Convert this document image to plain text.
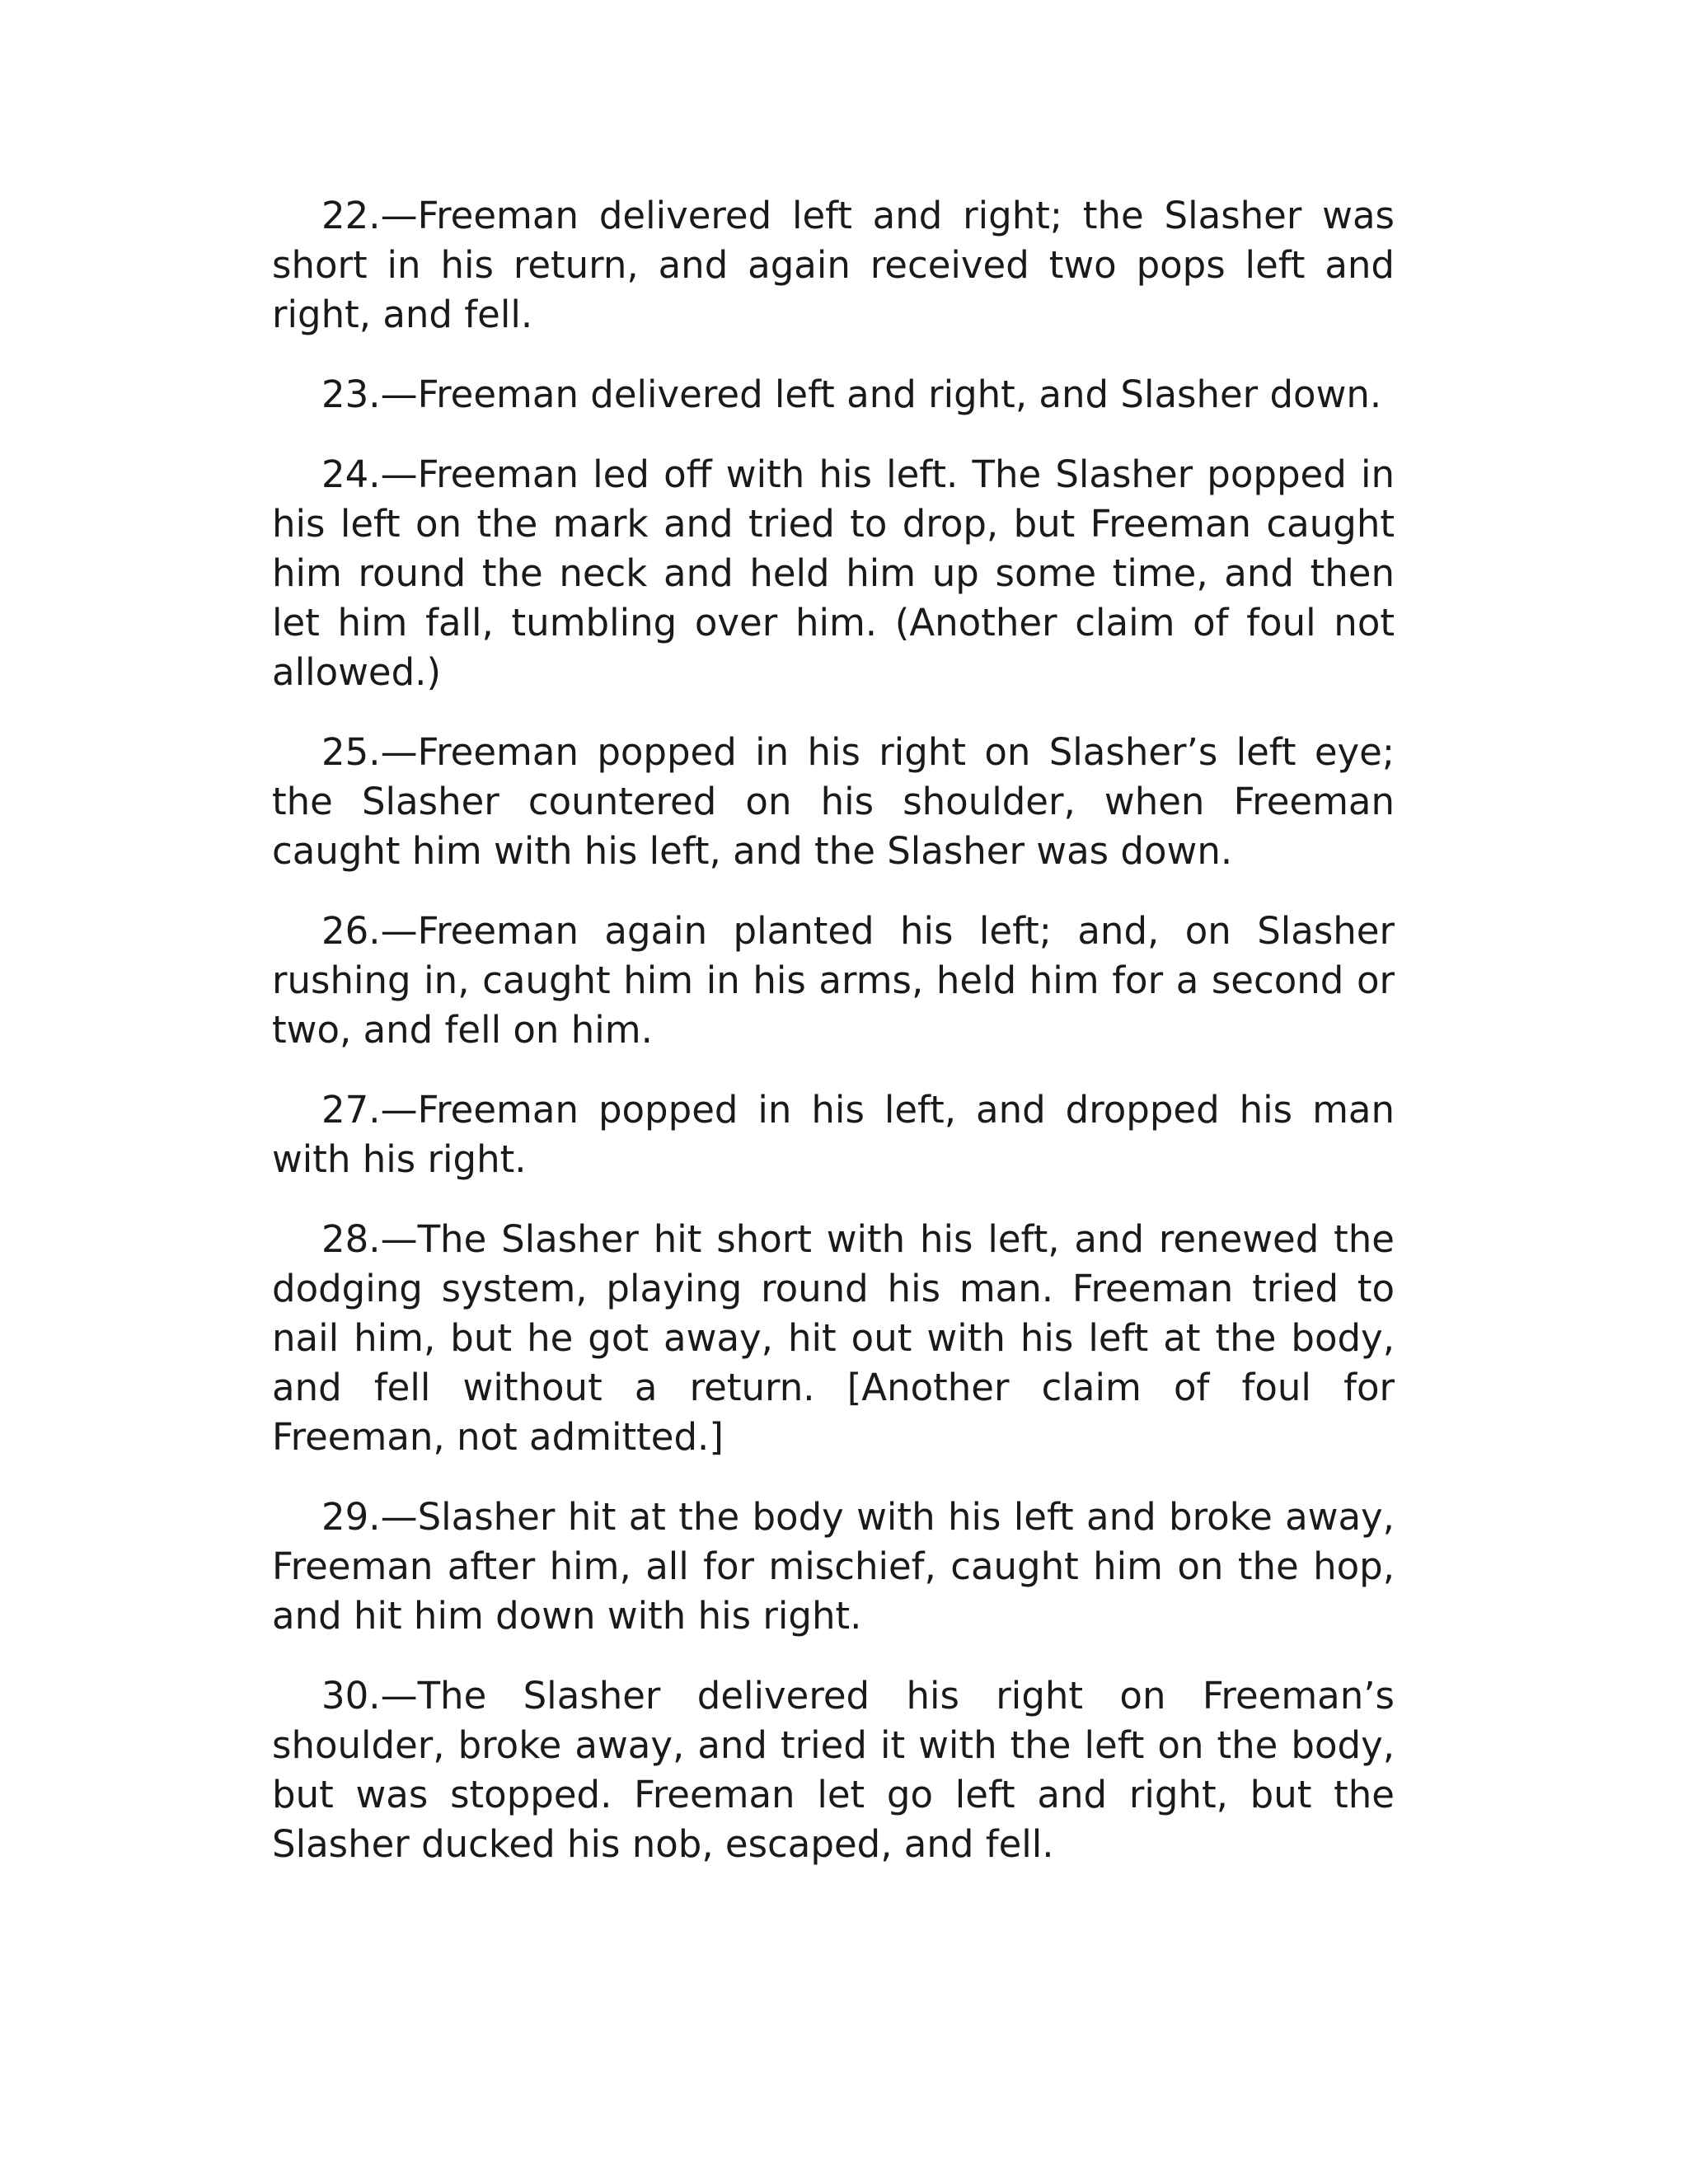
22.—Freeman delivered left and right; the Slasher was short in his return, and again received two pops left and right, and fell.

23.—Freeman delivered left and right, and Slasher down.

24.—Freeman led off with his left. The Slasher popped in his left on the mark and tried to drop, but Freeman caught him round the neck and held him up some time, and then let him fall, tumbling over him. (Another claim of foul not allowed.)

25.—Freeman popped in his right on Slasher’s left eye; the Slasher countered on his shoulder, when Freeman caught him with his left, and the Slasher was down.

26.—Freeman again planted his left; and, on Slasher rushing in, caught him in his arms, held him for a second or two, and fell on him.

27.—Freeman popped in his left, and dropped his man with his right.

28.—The Slasher hit short with his left, and renewed the dodging system, playing round his man. Freeman tried to nail him, but he got away, hit out with his left at the body, and fell without a return. [Another claim of foul for Freeman, not admitted.]

29.—Slasher hit at the body with his left and broke away, Freeman after him, all for mischief, caught him on the hop, and hit him down with his right.

30.—The Slasher delivered his right on Freeman’s shoulder, broke away, and tried it with the left on the body, but was stopped. Freeman let go left and right, but the Slasher ducked his nob, escaped, and fell.
